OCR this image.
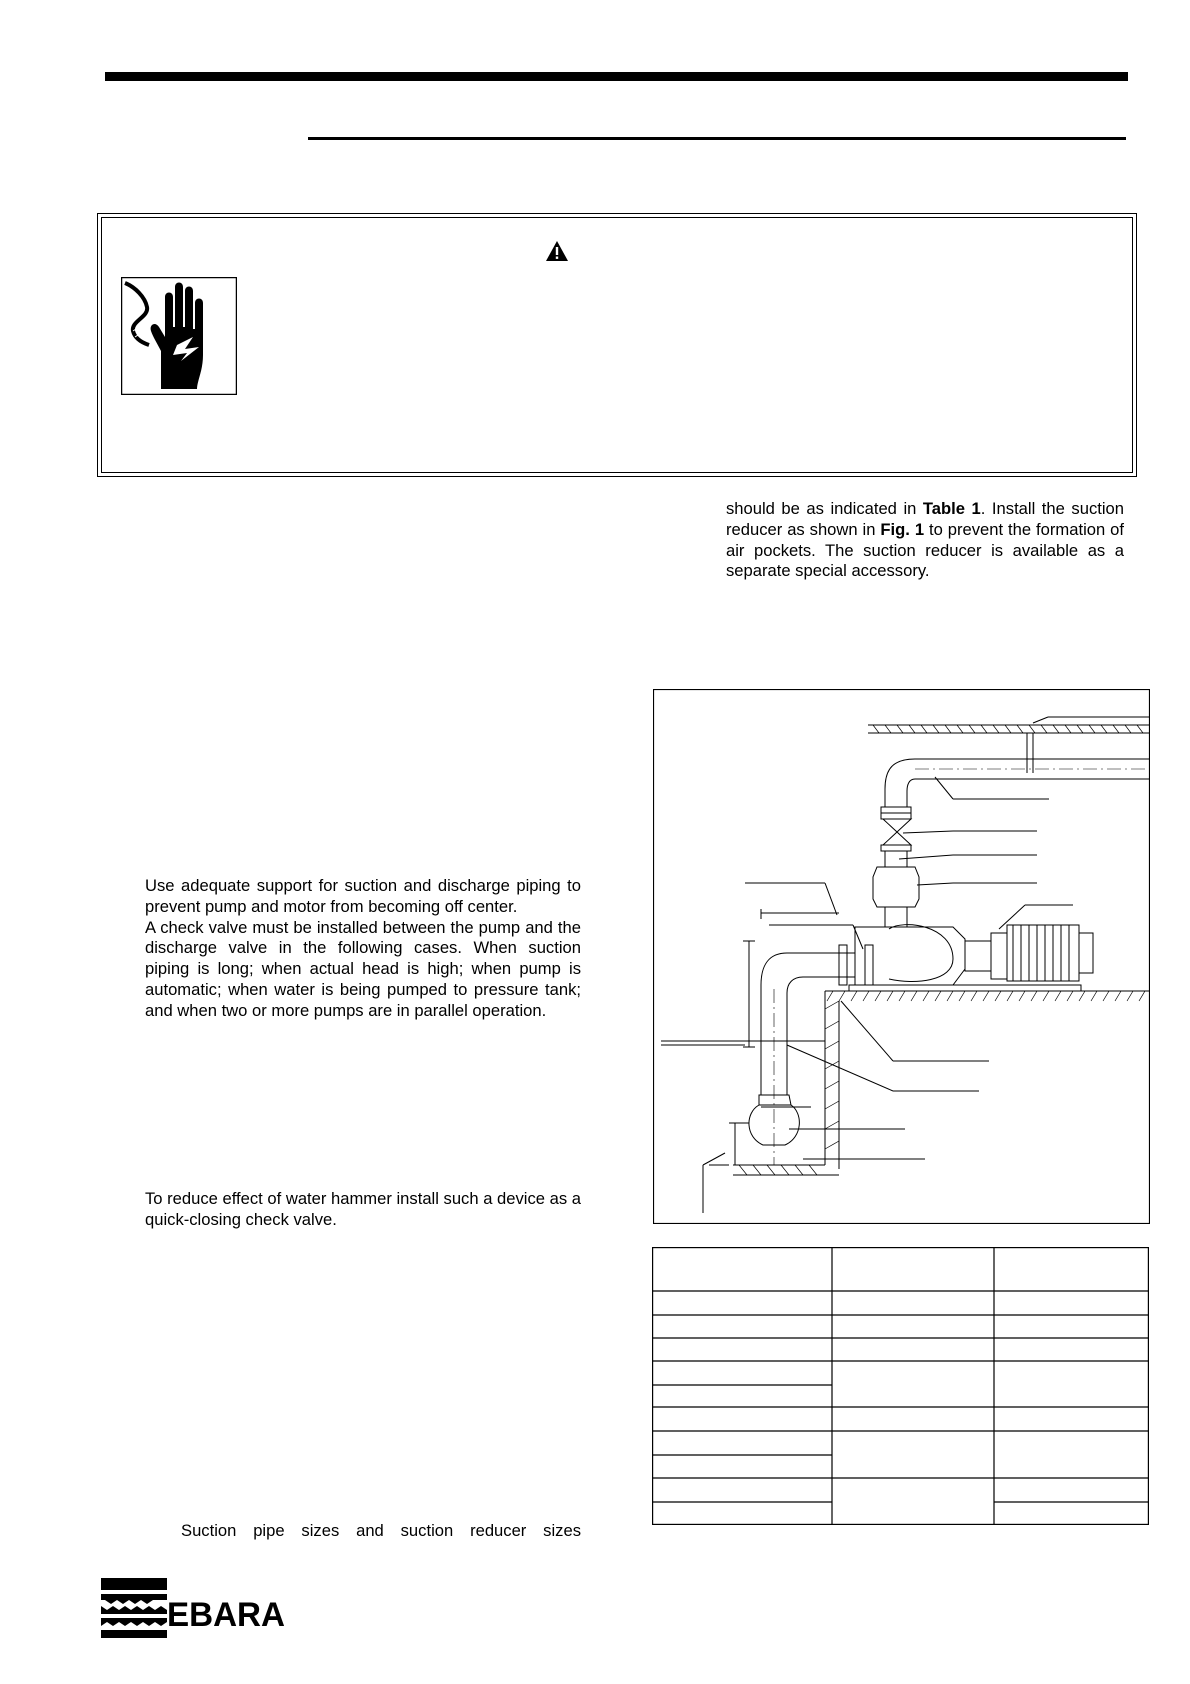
should be as indicated in Table 1. Install the suction reducer as shown in Fig. 1 to prevent the formation of air pockets. The suction reducer is available as a separate special accessory.
Use adequate support for suction and discharge piping to prevent pump and motor from becoming off center.
A check valve must be installed between the pump and the discharge valve in the following cases. When suction piping is long; when actual head is high; when pump is automatic; when water is being pumped to pressure tank; and when two or more pumps are in parallel operation.
To reduce effect of water hammer install such a device as a quick-closing check valve.
Suction pipe sizes and suction reducer sizes
EBARA
